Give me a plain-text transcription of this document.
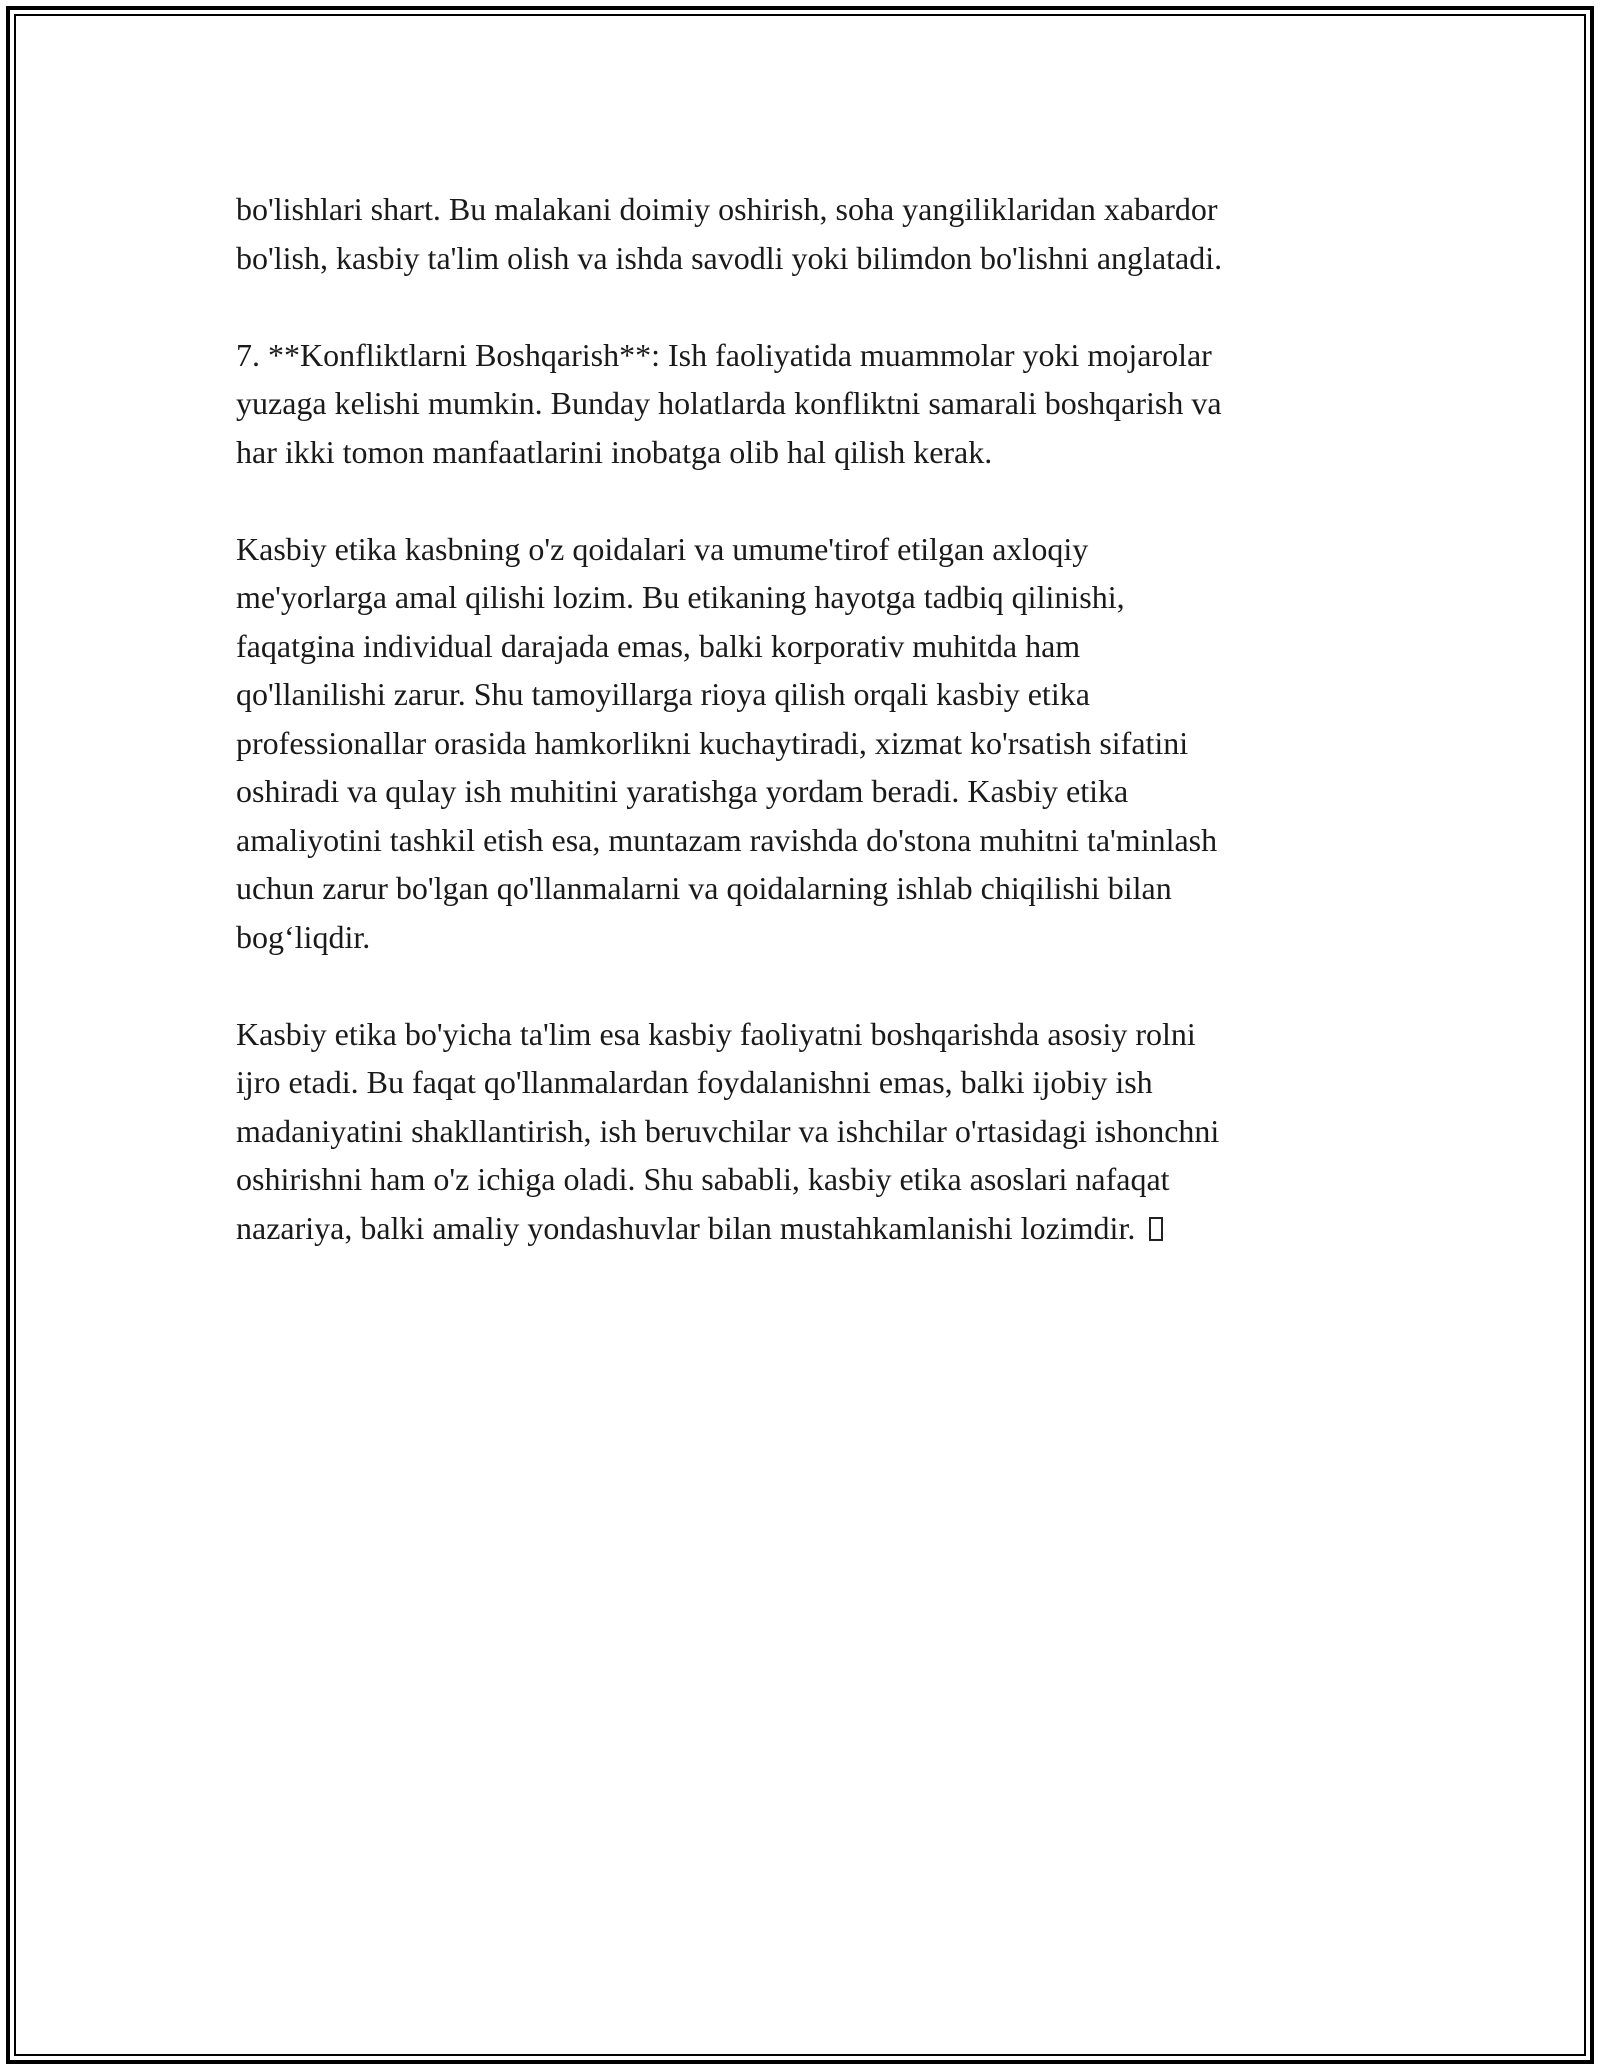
bo'lishlari shart. Bu malakani doimiy oshirish, soha yangiliklaridan xabardor
bo'lish, kasbiy ta'lim olish va ishda savodli yoki bilimdon bo'lishni anglatadi.

7. **Konfliktlarni Boshqarish**: Ish faoliyatida muammolar yoki mojarolar
yuzaga kelishi mumkin. Bunday holatlarda konfliktni samarali boshqarish va
har ikki tomon manfaatlarini inobatga olib hal qilish kerak.

Kasbiy etika kasbning o'z qoidalari va umume'tirof etilgan axloqiy
me'yorlarga amal qilishi lozim. Bu etikaning hayotga tadbiq qilinishi,
faqatgina individual darajada emas, balki korporativ muhitda ham
qo'llanilishi zarur. Shu tamoyillarga rioya qilish orqali kasbiy etika
professionallar orasida hamkorlikni kuchaytiradi, xizmat ko'rsatish sifatini
oshiradi va qulay ish muhitini yaratishga yordam beradi. Kasbiy etika
amaliyotini tashkil etish esa, muntazam ravishda do'stona muhitni ta'minlash
uchun zarur bo'lgan qo'llanmalarni va qoidalarning ishlab chiqilishi bilan
bog‘liqdir.

Kasbiy etika bo'yicha ta'lim esa kasbiy faoliyatni boshqarishda asosiy rolni
ijro etadi. Bu faqat qo'llanmalardan foydalanishni emas, balki ijobiy ish
madaniyatini shakllantirish, ish beruvchilar va ishchilar o'rtasidagi ishonchni
oshirishni ham o'z ichiga oladi. Shu sababli, kasbiy etika asoslari nafaqat
nazariya, balki amaliy yondashuvlar bilan mustahkamlanishi lozimdir.
